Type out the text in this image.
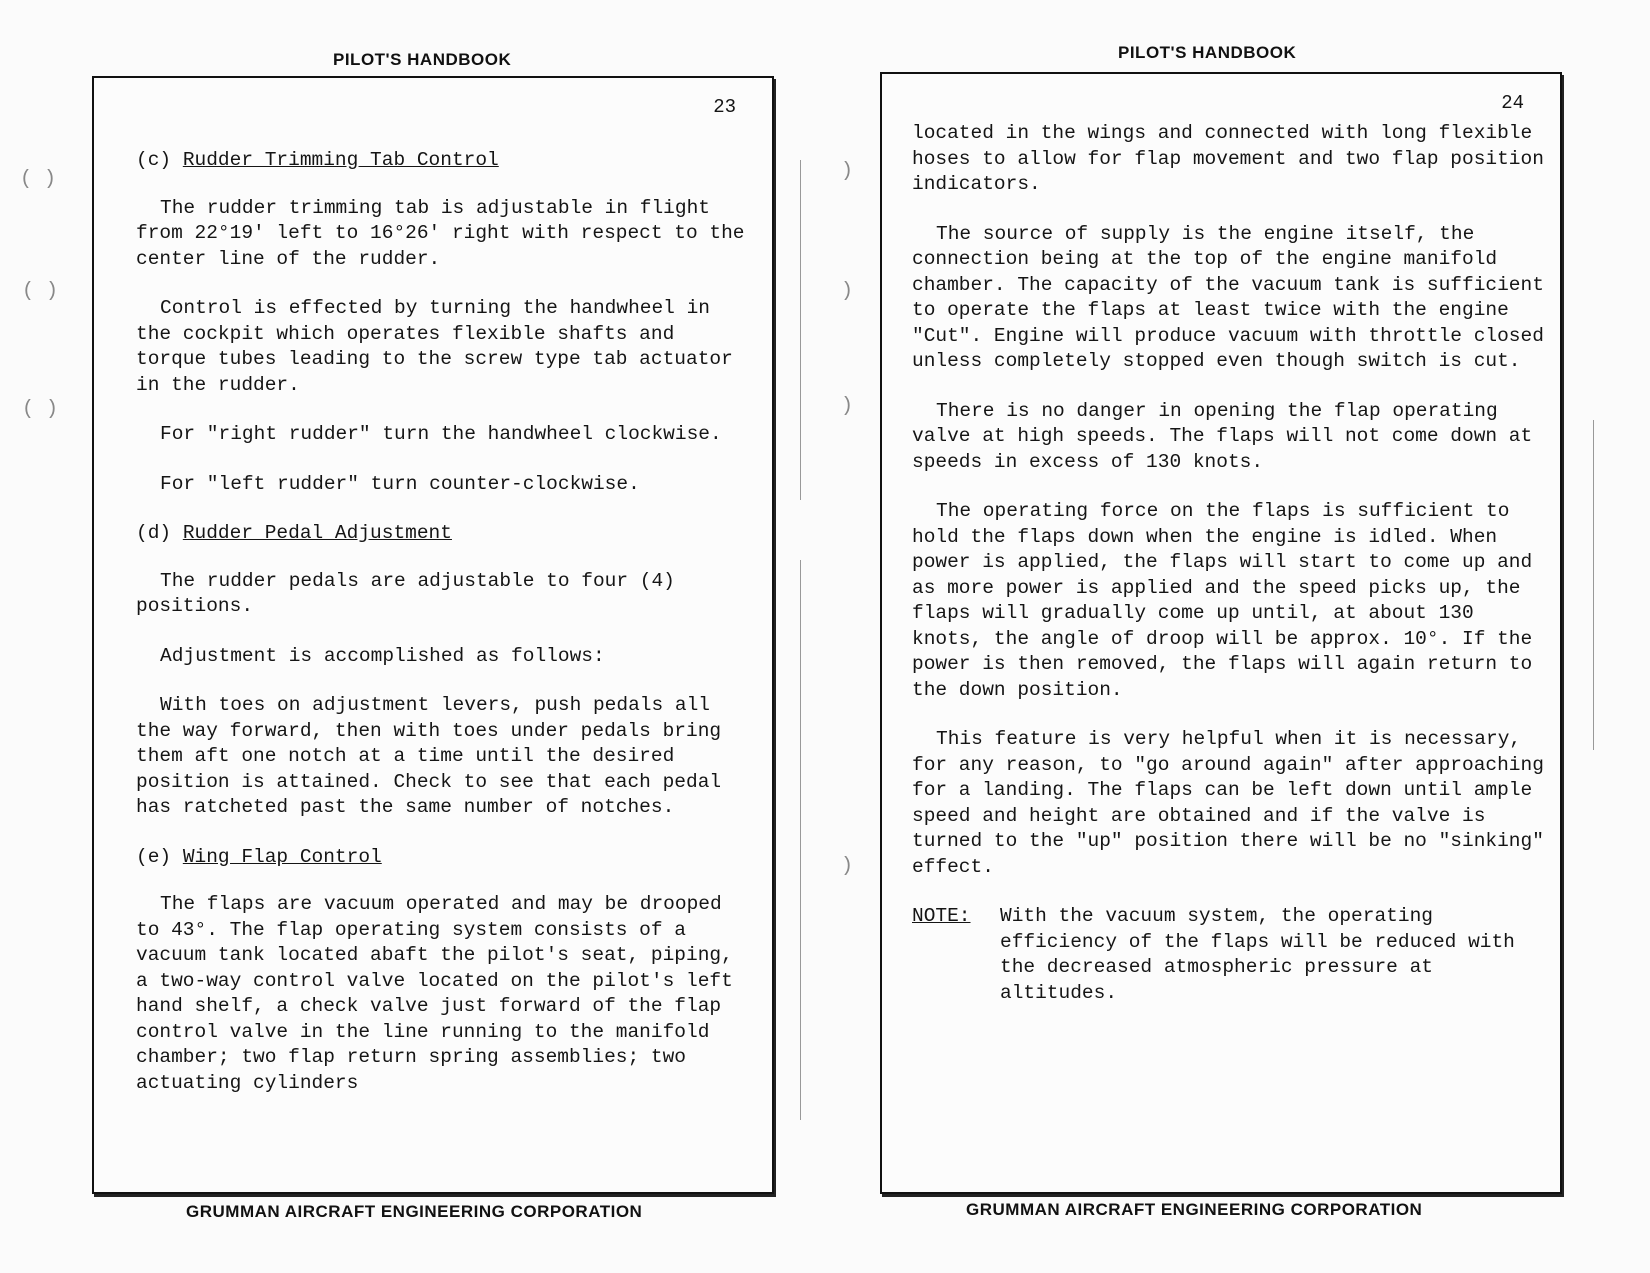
PILOT'S HANDBOOK
23
(c) Rudder Trimming Tab Control

The rudder trimming tab is adjustable in flight from 22°19' left to 16°26' right with respect to the center line of the rudder.

Control is effected by turning the handwheel in the cockpit which operates flexible shafts and torque tubes leading to the screw type tab actuator in the rudder.

For "right rudder" turn the handwheel clockwise.

For "left rudder" turn counter-clockwise.

(d) Rudder Pedal Adjustment

The rudder pedals are adjustable to four (4) positions.

Adjustment is accomplished as follows:

With toes on adjustment levers, push pedals all the way forward, then with toes under pedals bring them aft one notch at a time until the desired position is attained. Check to see that each pedal has ratcheted past the same number of notches.

(e) Wing Flap Control

The flaps are vacuum operated and may be drooped to 43°. The flap operating system consists of a vacuum tank located abaft the pilot's seat, piping, a two-way control valve located on the pilot's left hand shelf, a check valve just forward of the flap control valve in the line running to the manifold chamber; two flap return spring assemblies; two actuating cylinders

GRUMMAN AIRCRAFT ENGINEERING CORPORATION
PILOT'S HANDBOOK
24

located in the wings and connected with long flexible hoses to allow for flap movement and two flap position indicators.

The source of supply is the engine itself, the connection being at the top of the engine manifold chamber. The capacity of the vacuum tank is sufficient to operate the flaps at least twice with the engine "Cut". Engine will produce vacuum with throttle closed unless completely stopped even though switch is cut.

There is no danger in opening the flap operating valve at high speeds. The flaps will not come down at speeds in excess of 130 knots.

The operating force on the flaps is sufficient to hold the flaps down when the engine is idled. When power is applied, the flaps will start to come up and as more power is applied and the speed picks up, the flaps will gradually come up until, at about 130 knots, the angle of droop will be approx. 10°. If the power is then removed, the flaps will again return to the down position.

This feature is very helpful when it is necessary, for any reason, to "go around again" after approaching for a landing. The flaps can be left down until ample speed and height are obtained and if the valve is turned to the "up" position there will be no "sinking" effect.

NOTE:	With the vacuum system, the operating efficiency of the flaps will be reduced with the decreased atmospheric pressure at altitudes.
GRUMMAN AIRCRAFT ENGINEERING CORPORATION
( )
( )
( )
)
)
)
)
